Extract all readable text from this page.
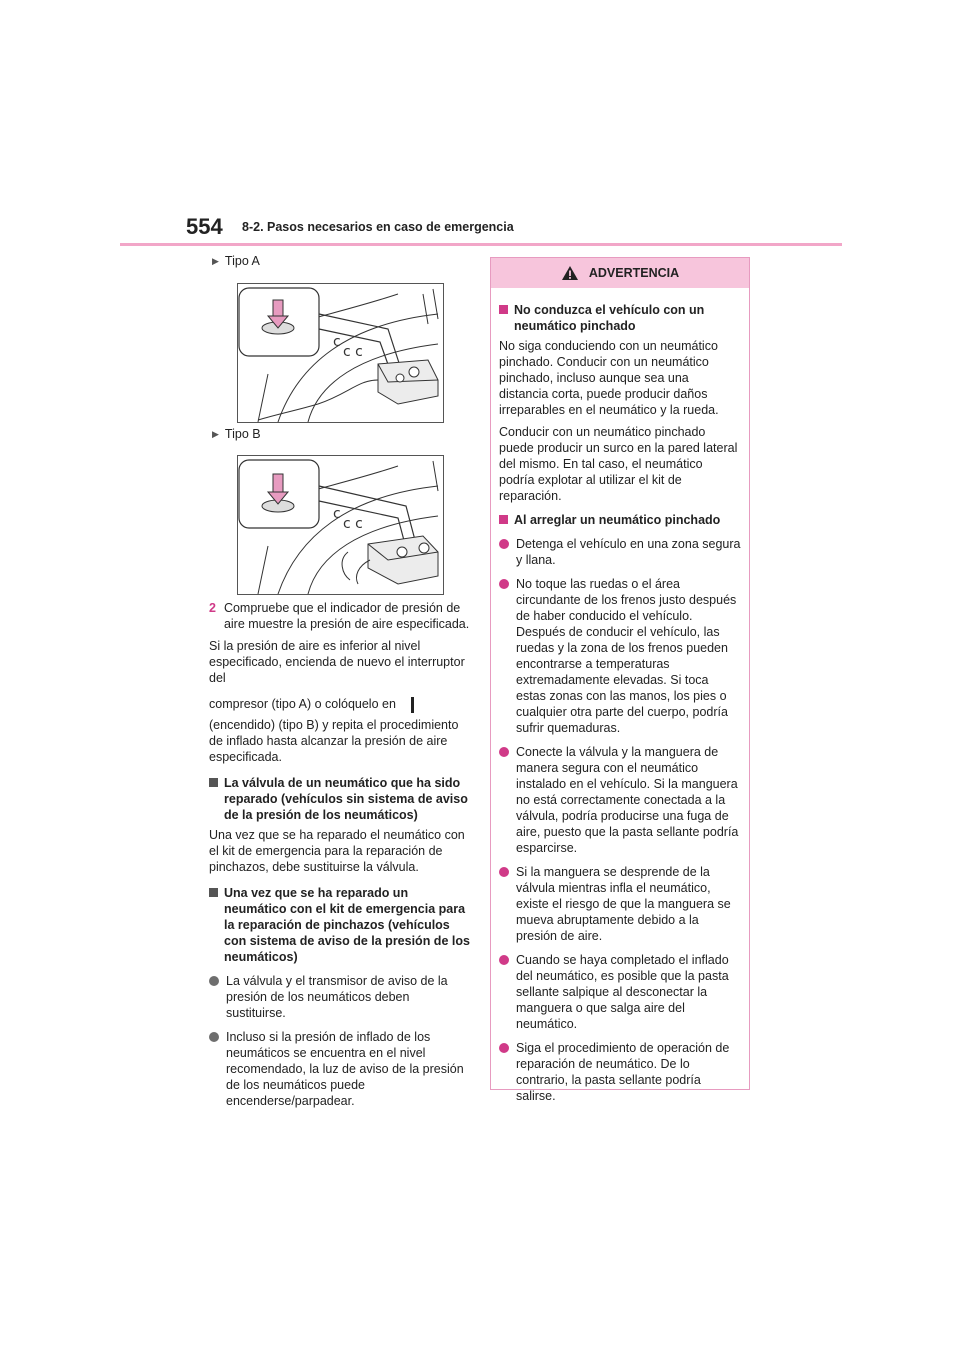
554 8-2. Pasos necesarios en caso de emergencia
▶ Tipo A
c
c c
▶ Tipo B
c
c c
2 Compruebe que el indicador de presión de aire muestre la presión de aire especificada.

Si la presión de aire es inferior al nivel especificado, encienda de nuevo el interruptor del
compresor (tipo A) o colóquelo en
(encendido) (tipo B) y repita el procedimiento de inflado hasta alcanzar la presión de aire especificada.

La válvula de un neumático que ha sido reparado (vehículos sin sistema de aviso de la presión de los neumáticos)

Una vez que se ha reparado el neumático con el kit de emergencia para la reparación de pinchazos, debe sustituirse la válvula.

Una vez que se ha reparado un neumático con el kit de emergencia para la reparación de pinchazos (vehículos con sistema de aviso de la presión de los neumáticos)
La válvula y el transmisor de aviso de la presión de los neumáticos deben sustituirse.
Incluso si la presión de inflado de los neumáticos se encuentra en el nivel recomendado, la luz de aviso de la presión de los neumáticos puede encenderse/parpadear.
ADVERTENCIA
No conduzca el vehículo con un neumático pinchado

No siga conduciendo con un neumático pinchado. Conducir con un neumático pinchado, incluso aunque sea una distancia corta, puede producir daños irreparables en el neumático y la rueda.

Conducir con un neumático pinchado puede producir un surco en la pared lateral del mismo. En tal caso, el neumático podría explotar al utilizar el kit de reparación.

Al arreglar un neumático pinchado
Detenga el vehículo en una zona segura y llana.
No toque las ruedas o el área circundante de los frenos justo después de haber conducido el vehículo. Después de conducir el vehículo, las ruedas y la zona de los frenos pueden encontrarse a temperaturas extremadamente elevadas. Si toca estas zonas con las manos, los pies o cualquier otra parte del cuerpo, podría sufrir quemaduras.
Conecte la válvula y la manguera de manera segura con el neumático instalado en el vehículo. Si la manguera no está correctamente conectada a la válvula, podría producirse una fuga de aire, puesto que la pasta sellante podría esparcirse.
Si la manguera se desprende de la válvula mientras infla el neumático, existe el riesgo de que la manguera se mueva abruptamente debido a la presión de aire.
Cuando se haya completado el inflado del neumático, es posible que la pasta sellante salpique al desconectar la manguera o que salga aire del neumático.
Siga el procedimiento de operación de reparación de neumático. De lo contrario, la pasta sellante podría salirse.
